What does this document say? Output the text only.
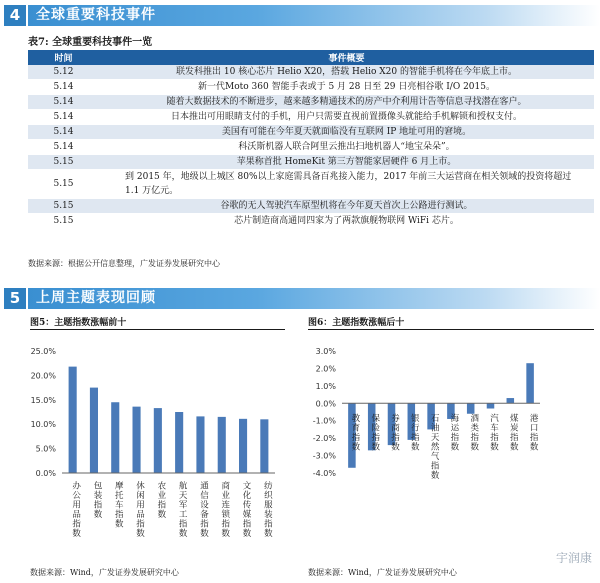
4	全球重要科技事件
表7: 全球重要科技事件一览
时间	事件概要
5.12	联发科推出 10 核心芯片 Helio X20，搭载 Helio X20 的智能手机将在今年底上市。
5.14	新一代Moto 360 智能手表或于 5 月 28 日至 29 日亮相谷歌 I/O 2015。
5.14	随着大数据技术的不断进步，越来越多精通技术的房产中介利用计告等信息寻找潜在客户。
5.14	日本推出可用眼睛支付的手机，用户只需要直视前置摄像头就能给手机解锁和授权支付。
5.14	美国有可能在今年夏天就面临没有互联网 IP 地址可用的窘境。
5.14	科沃斯机器人联合阿里云推出扫地机器人“地宝朵朵”。
5.15	苹果称首批 HomeKit 第三方智能家居硬件 6 月上市。
5.15	到 2015 年，地级以上城区 80%以上家庭需具备百兆接入能力，2017 年前三大运营商在相关领域的投资将超过 1.1 万亿元。
5.15	谷歌的无人驾驶汽车原型机将在今年夏天首次上公路进行测试。
5.15	芯片制造商高通同四家为了两款旗舰物联网 WiFi 芯片。
数据来源：根据公开信息整理，广发证券发展研究中心
5	上周主题表现回顾
图5：主题指数涨幅前十
25.0%
20.0%
15.0%
10.0%
5.0%
0.0%
办公用品指数 包装指数 摩托车指数 休闲用品指数 农业指数 航天军工指数 通信设备指数 商业连锁指数 文化传媒指数 纺织服装指数
图6：主题指数涨幅后十
3.0%
2.0%
1.0%
0.0%
-1.0%
-2.0%
-3.0%
-4.0%
教育指数 保险指数 券商指数 银行指数 石油天然气指数 海运指数 酒类指数 汽车指数 煤炭指数 港口指数
数据来源：Wind，广发证券发展研究中心	数据来源：Wind，广发证券发展研究中心
宇润康
